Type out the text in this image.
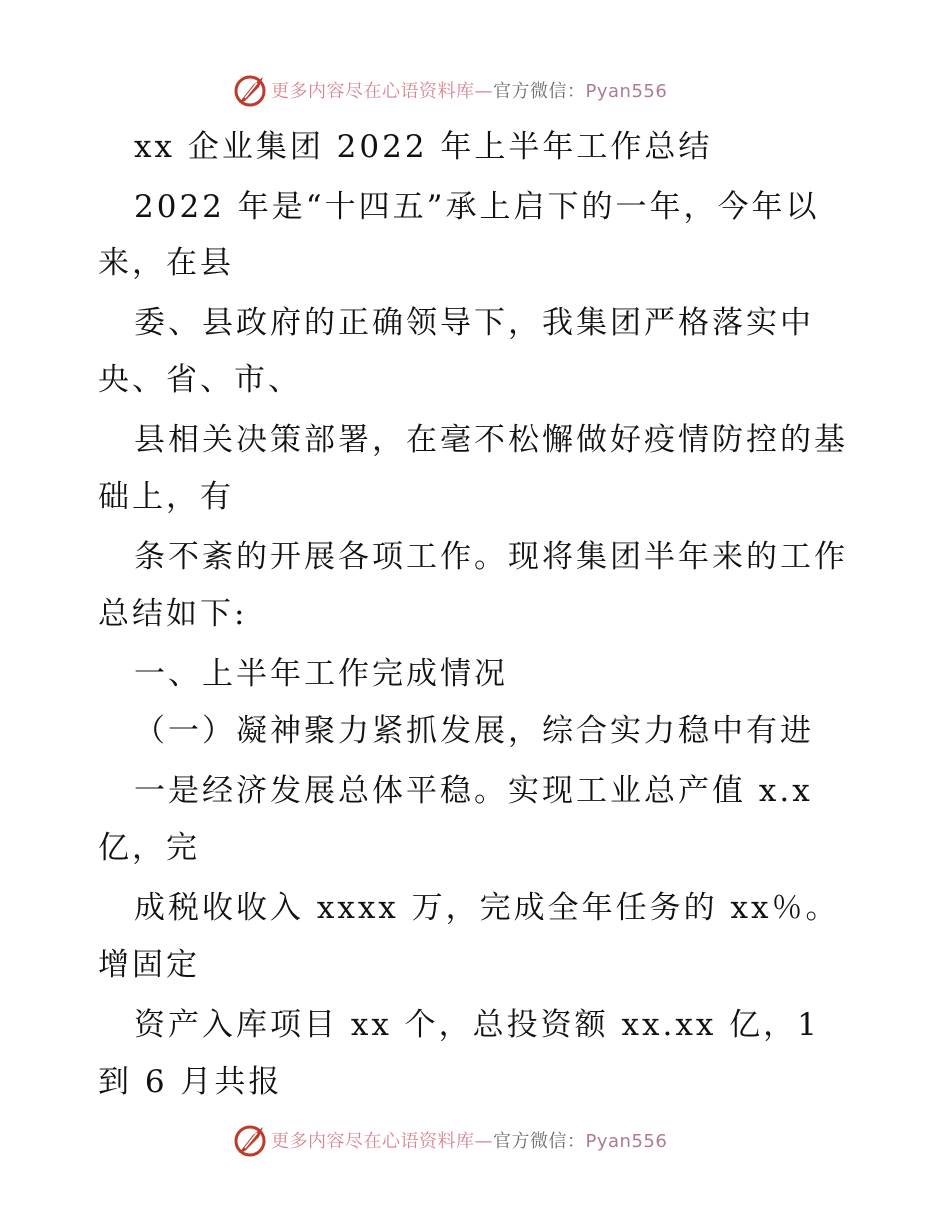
更多内容尽在心语资料库—官方微信：Pyan556
xx 企业集团 2022 年上半年工作总结
2022 年是“十四五”承上启下的一年，今年以
来，在县
委、县政府的正确领导下，我集团严格落实中
央、省、市、
县相关决策部署，在毫不松懈做好疫情防控的基
础上，有
条不紊的开展各项工作。现将集团半年来的工作
总结如下:
一、上半年工作完成情况
（一）凝神聚力紧抓发展，综合实力稳中有进
一是经济发展总体平稳。实现工业总产值 x.x
亿，完
成税收收入 xxxx 万，完成全年任务的 xx％。
增固定
资产入库项目 xx 个，总投资额 xx.xx 亿，1
到 6 月共报
更多内容尽在心语资料库—官方微信：Pyan556
